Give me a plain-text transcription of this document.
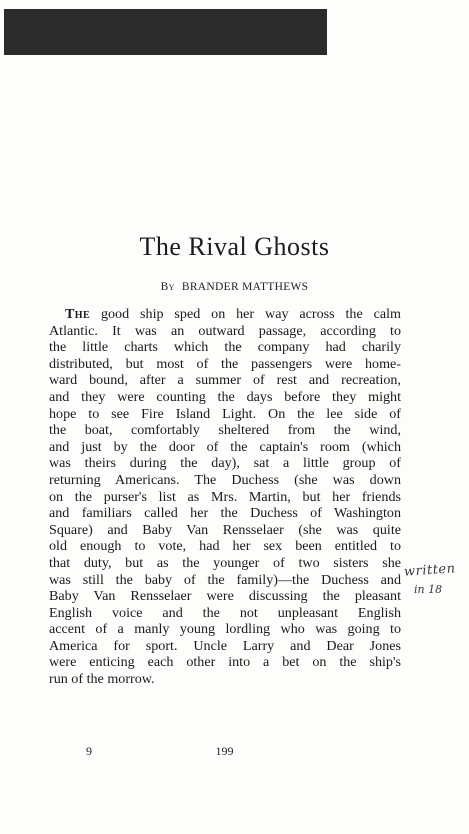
The Rival Ghosts
By BRANDER MATTHEWS
The good ship sped on her way across the calm
Atlantic. It was an outward passage, according to
the little charts which the company had charily
distributed, but most of the passengers were home-
ward bound, after a summer of rest and recreation,
and they were counting the days before they might
hope to see Fire Island Light. On the lee side of
the boat, comfortably sheltered from the wind,
and just by the door of the captain's room (which
was theirs during the day), sat a little group of
returning Americans. The Duchess (she was down
on the purser's list as Mrs. Martin, but her friends
and familiars called her the Duchess of Washington
Square) and Baby Van Rensselaer (she was quite
old enough to vote, had her sex been entitled to
that duty, but as the younger of two sisters she
was still the baby of the family)—the Duchess and
Baby Van Rensselaer were discussing the pleasant
English voice and the not unpleasant English
accent of a manly young lordling who was going to
America for sport. Uncle Larry and Dear Jones
were enticing each other into a bet on the ship's
run of the morrow.
written
in 18
9	199
